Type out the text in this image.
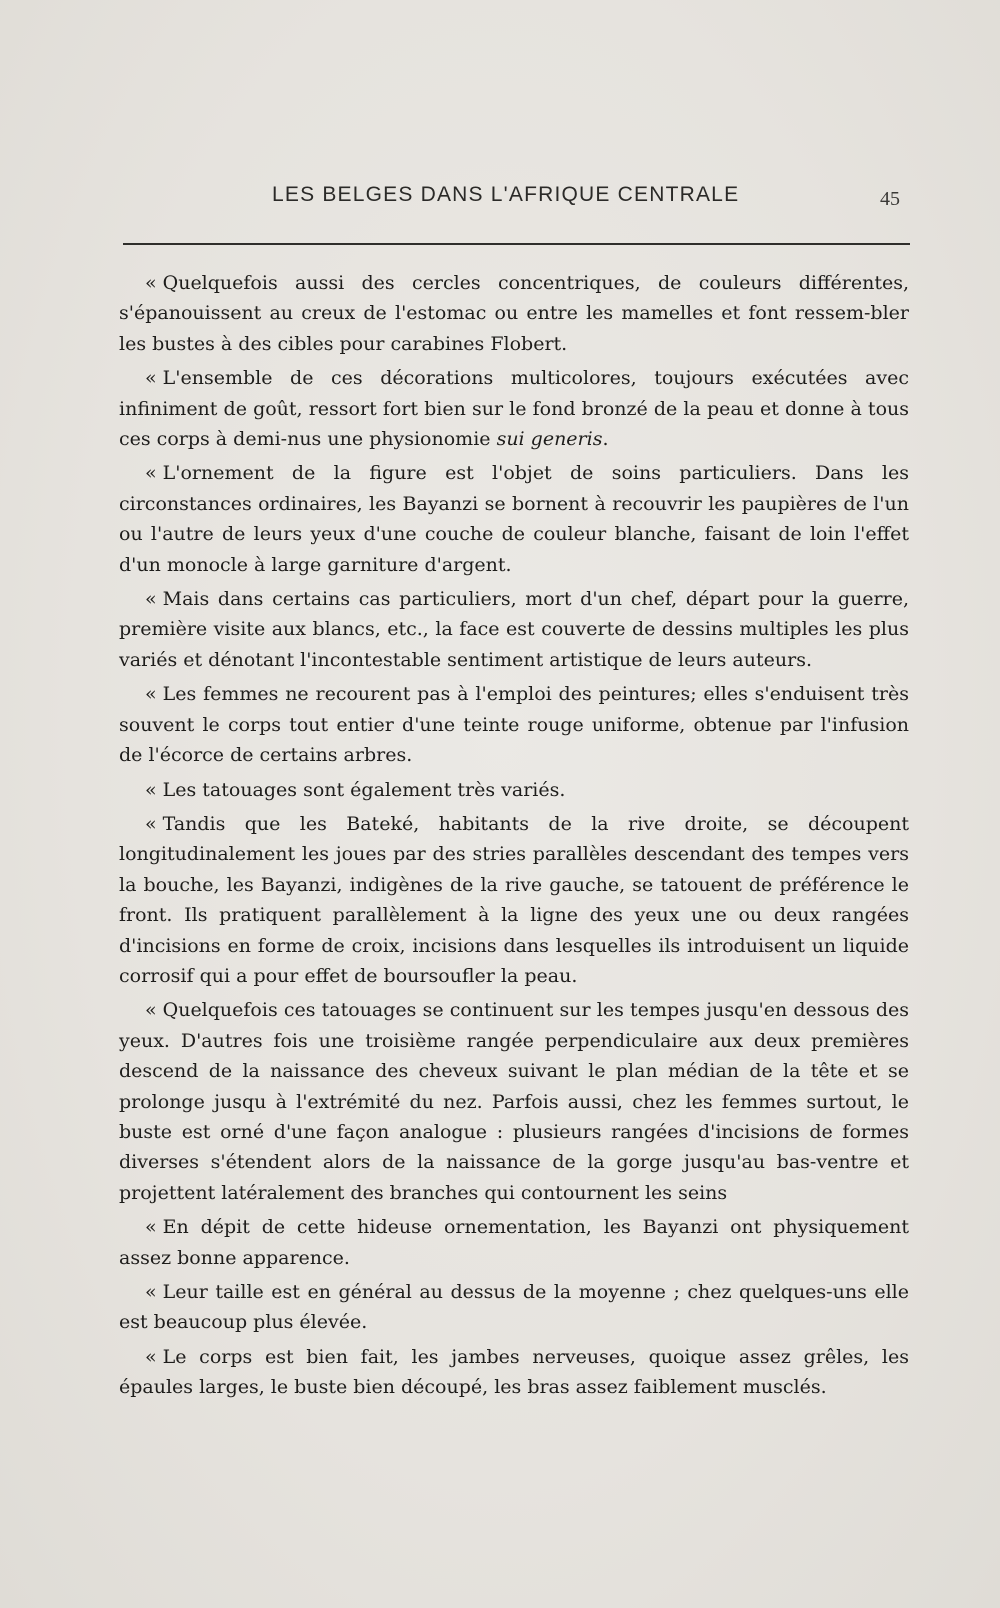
LES BELGES DANS L'AFRIQUE CENTRALE	45

« Quelquefois aussi des cercles concentriques, de couleurs différentes, s'épanouissent au creux de l'estomac ou entre les mamelles et font ressem-bler les bustes à des cibles pour carabines Flobert.

« L'ensemble de ces décorations multicolores, toujours exécutées avec infiniment de goût, ressort fort bien sur le fond bronzé de la peau et donne à tous ces corps à demi-nus une physionomie sui generis.

« L'ornement de la figure est l'objet de soins particuliers. Dans les circonstances ordinaires, les Bayanzi se bornent à recouvrir les paupières de l'un ou l'autre de leurs yeux d'une couche de couleur blanche, faisant de loin l'effet d'un monocle à large garniture d'argent.

« Mais dans certains cas particuliers, mort d'un chef, départ pour la guerre, première visite aux blancs, etc., la face est couverte de dessins multiples les plus variés et dénotant l'incontestable sentiment artistique de leurs auteurs.

« Les femmes ne recourent pas à l'emploi des peintures; elles s'enduisent très souvent le corps tout entier d'une teinte rouge uniforme, obtenue par l'infusion de l'écorce de certains arbres.

« Les tatouages sont également très variés.

« Tandis que les Bateké, habitants de la rive droite, se découpent longitudinalement les joues par des stries parallèles descendant des tempes vers la bouche, les Bayanzi, indigènes de la rive gauche, se tatouent de préférence le front. Ils pratiquent parallèlement à la ligne des yeux une ou deux rangées d'incisions en forme de croix, incisions dans lesquelles ils introduisent un liquide corrosif qui a pour effet de boursoufler la peau.

« Quelquefois ces tatouages se continuent sur les tempes jusqu'en dessous des yeux. D'autres fois une troisième rangée perpendiculaire aux deux premières descend de la naissance des cheveux suivant le plan médian de la tête et se prolonge jusqu à l'extrémité du nez. Parfois aussi, chez les femmes surtout, le buste est orné d'une façon analogue : plusieurs rangées d'incisions de formes diverses s'étendent alors de la naissance de la gorge jusqu'au bas-ventre et projettent latéralement des branches qui contournent les seins

« En dépit de cette hideuse ornementation, les Bayanzi ont physiquement assez bonne apparence.

« Leur taille est en général au dessus de la moyenne ; chez quelques-uns elle est beaucoup plus élevée.

« Le corps est bien fait, les jambes nerveuses, quoique assez grêles, les épaules larges, le buste bien découpé, les bras assez faiblement musclés.
